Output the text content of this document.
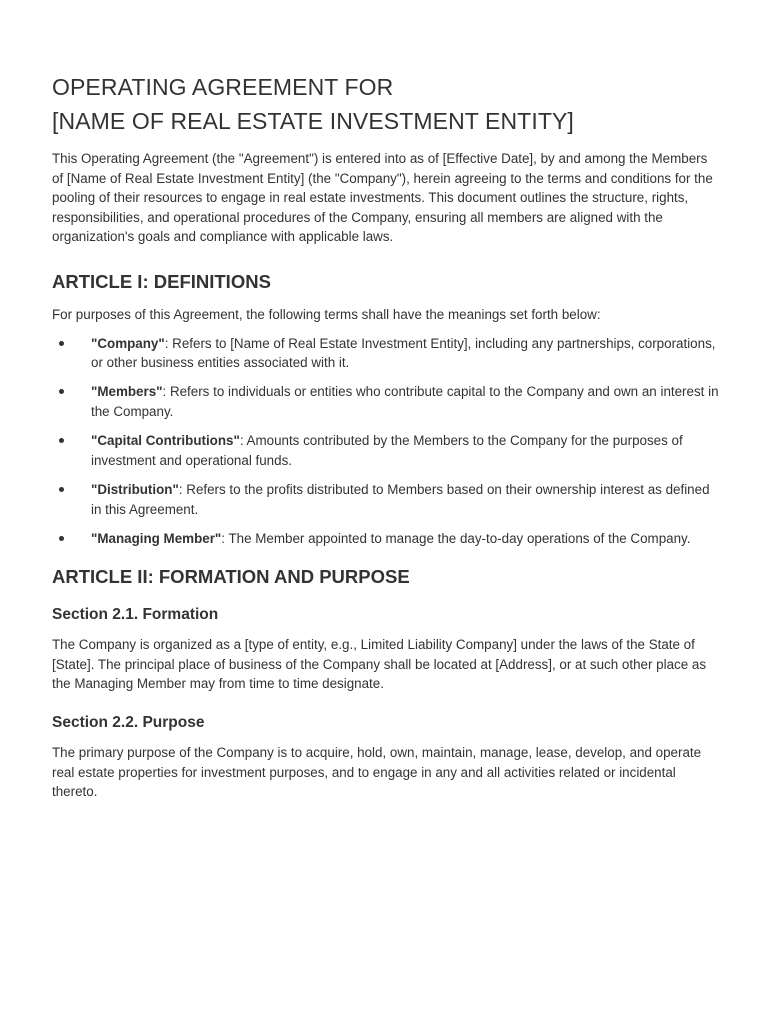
OPERATING AGREEMENT FOR
[NAME OF REAL ESTATE INVESTMENT ENTITY]

This Operating Agreement (the "Agreement") is entered into as of [Effective Date], by and among the Members of [Name of Real Estate Investment Entity] (the "Company"), herein agreeing to the terms and conditions for the pooling of their resources to engage in real estate investments. This document outlines the structure, rights, responsibilities, and operational procedures of the Company, ensuring all members are aligned with the organization's goals and compliance with applicable laws.

ARTICLE I: DEFINITIONS

For purposes of this Agreement, the following terms shall have the meanings set forth below:

"Company": Refers to [Name of Real Estate Investment Entity], including any partnerships, corporations, or other business entities associated with it.
"Members": Refers to individuals or entities who contribute capital to the Company and own an interest in the Company.
"Capital Contributions": Amounts contributed by the Members to the Company for the purposes of investment and operational funds.
"Distribution": Refers to the profits distributed to Members based on their ownership interest as defined in this Agreement.
"Managing Member": The Member appointed to manage the day-to-day operations of the Company.
ARTICLE II: FORMATION AND PURPOSE
Section 2.1. Formation

The Company is organized as a [type of entity, e.g., Limited Liability Company] under the laws of the State of [State]. The principal place of business of the Company shall be located at [Address], or at such other place as the Managing Member may from time to time designate.

Section 2.2. Purpose

The primary purpose of the Company is to acquire, hold, own, maintain, manage, lease, develop, and operate real estate properties for investment purposes, and to engage in any and all activities related or incidental thereto.
